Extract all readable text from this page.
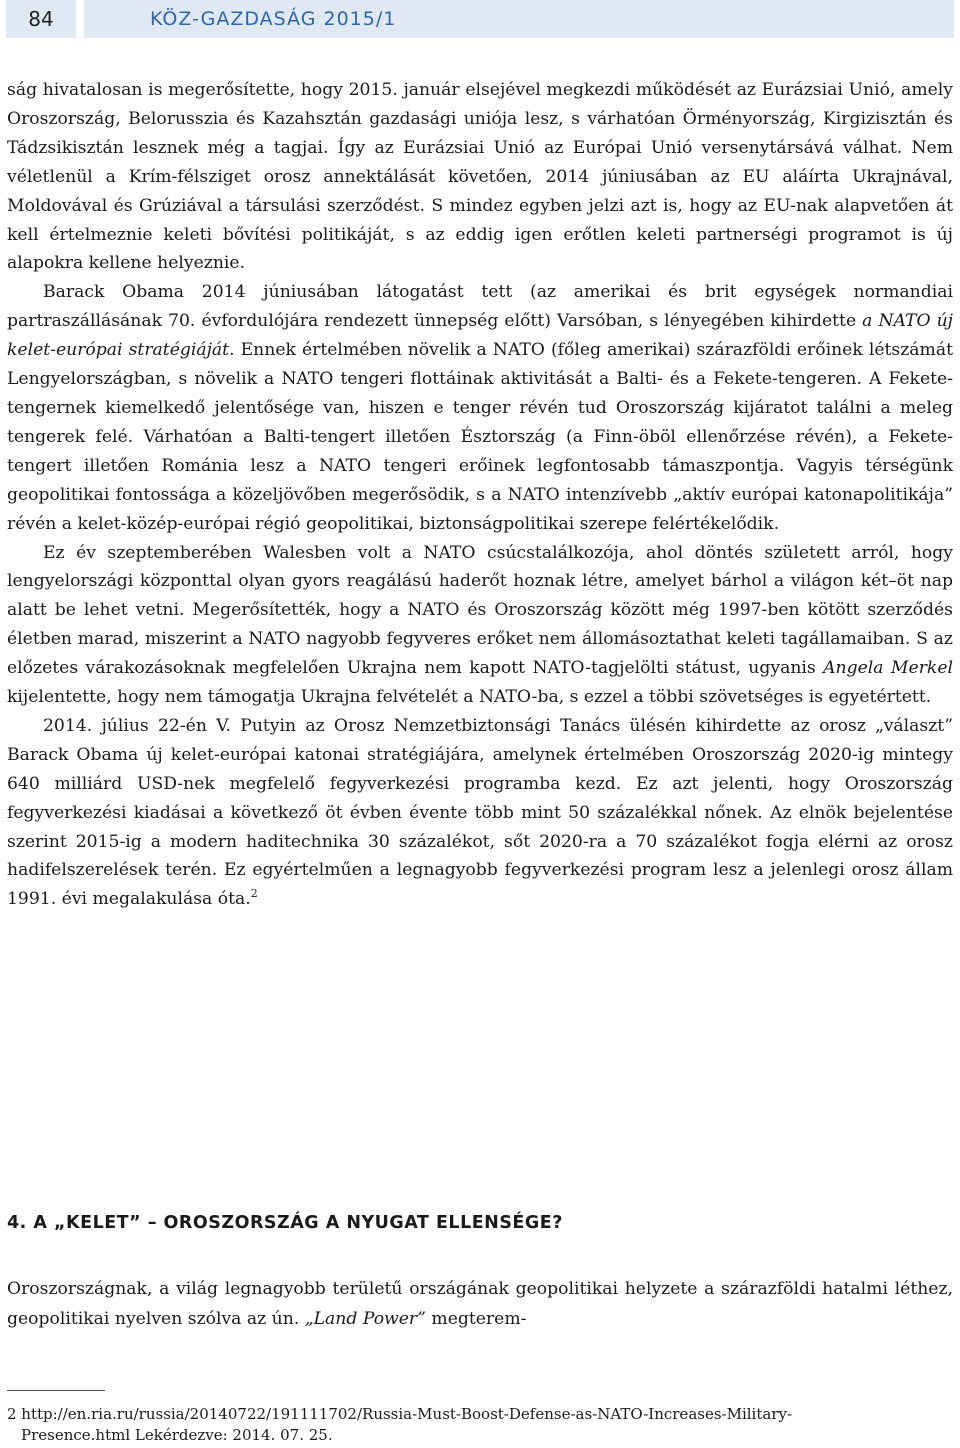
84	KÖZ-GAZDASÁG 2015/1

ság hivatalosan is megerősítette, hogy 2015. január elsejével megkezdi működését az Eurázsiai Unió, amely Oroszország, Belorusszia és Kazahsztán gazdasági uniója lesz, s várhatóan Örményország, Kirgizisztán és Tádzsikisztán lesznek még a tagjai. Így az Eurázsiai Unió az Európai Unió versenytársává válhat. Nem véletlenül a Krím-félsziget orosz annektálását követően, 2014 júniusában az EU aláírta Ukrajnával, Moldovával és Grúziával a társulási szerződést. S mindez egyben jelzi azt is, hogy az EU-nak alapvetően át kell értelmeznie keleti bővítési politikáját, s az eddig igen erőtlen keleti partnerségi programot is új alapokra kellene helyeznie.

Barack Obama 2014 júniusában látogatást tett (az amerikai és brit egységek normandiai partraszállásának 70. évfordulójára rendezett ünnepség előtt) Varsóban, s lényegében kihirdette a NATO új kelet-európai stratégiáját. Ennek értelmében növelik a NATO (főleg amerikai) szárazföldi erőinek létszámát Lengyelországban, s növelik a NATO tengeri flottáinak aktivitását a Balti- és a Fekete-tengeren. A Fekete-tengernek kiemelkedő jelentősége van, hiszen e tenger révén tud Oroszország kijáratot találni a meleg tengerek felé. Várhatóan a Balti-tengert illetően Észtország (a Finn-öböl ellenőrzése révén), a Fekete-tengert illetően Románia lesz a NATO tengeri erőinek legfontosabb támaszpontja. Vagyis térségünk geopolitikai fontossága a közeljövőben megerősödik, s a NATO intenzívebb „aktív európai katonapolitikája” révén a kelet-közép-európai régió geopolitikai, biztonságpolitikai szerepe felértékelődik.

Ez év szeptemberében Walesben volt a NATO csúcstalálkozója, ahol döntés született arról, hogy lengyelországi központtal olyan gyors reagálású haderőt hoznak létre, amelyet bárhol a világon két–öt nap alatt be lehet vetni. Megerősítették, hogy a NATO és Oroszország között még 1997-ben kötött szerződés életben marad, miszerint a NATO nagyobb fegyveres erőket nem állomásoztathat keleti tagállamaiban. S az előzetes várakozásoknak megfelelően Ukrajna nem kapott NATO-tagjelölti státust, ugyanis Angela Merkel kijelentette, hogy nem támogatja Ukrajna felvételét a NATO-ba, s ezzel a többi szövetséges is egyetértett.

2014. július 22-én V. Putyin az Orosz Nemzetbiztonsági Tanács ülésén kihirdette az orosz „választ” Barack Obama új kelet-európai katonai stratégiájára, amelynek értelmében Oroszország 2020-ig mintegy 640 milliárd USD-nek megfelelő fegyverkezési programba kezd. Ez azt jelenti, hogy Oroszország fegyverkezési kiadásai a következő öt évben évente több mint 50 százalékkal nőnek. Az elnök bejelentése szerint 2015-ig a modern haditechnika 30 százalékot, sőt 2020-ra a 70 százalékot fogja elérni az orosz hadifelszerelések terén. Ez egyértelműen a legnagyobb fegyverkezési program lesz a jelenlegi orosz állam 1991. évi megalakulása óta.$^2$

4. A „KELET” – OROSZORSZÁG A NYUGAT ELLENSÉGE?

Oroszországnak, a világ legnagyobb területű országának geopolitikai helyzete a szárazföldi hatalmi léthez, geopolitikai nyelven szólva az ún. „Land Power” megterem-

2 http://en.ria.ru/russia/20140722/191111702/Russia-Must-Boost-Defense-as-NATO-Increases-Military-
Presence.html Lekérdezve: 2014. 07. 25.
